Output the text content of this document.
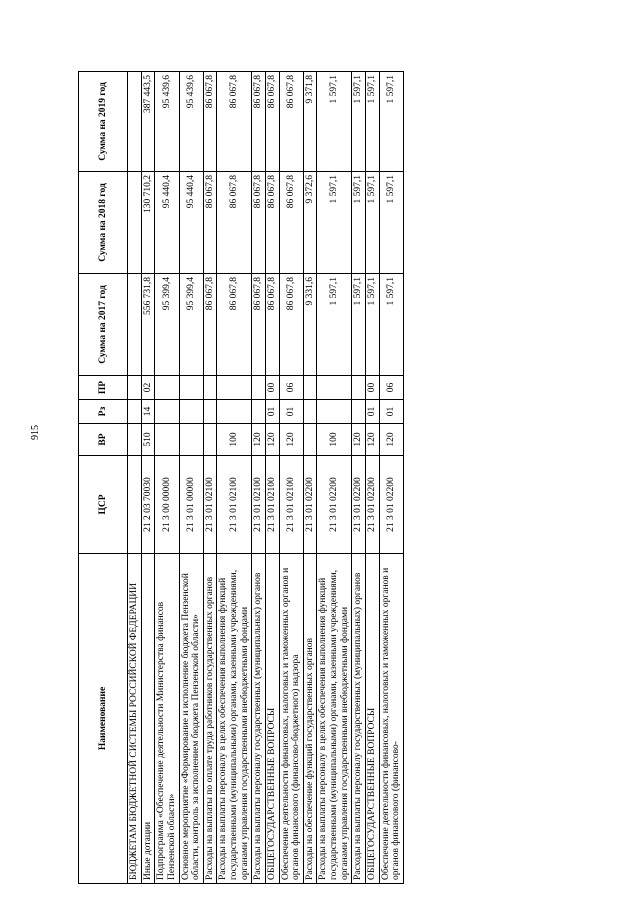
915
Наименование	ЦСР	ВР	Рз	ПР	Сумма на 2017 год	Сумма на 2018 год	Сумма на 2019 год
БЮДЖЕТАМ БЮДЖЕТНОЙ СИСТЕМЫ РОССИЙСКОЙ ФЕДЕРАЦИИ							
Иные дотации	21 2 03 70030	510	14	02	556 731,8	130 710,2	387 443,5
Подпрограмма «Обеспечение деятельности Министерства финансов Пензенской области»	21 3 00 00000				95 399,4	95 440,4	95 439,6
Основное мероприятие «Формирование и исполнение бюджета Пензенской области, контроль за исполнением бюджета Пензенской области»	21 3 01 00000				95 399,4	95 440,4	95 439,6
Расходы на выплаты по оплате труда работников государственных органов	21 3 01 02100				86 067,8	86 067,8	86 067,8
Расходы на выплаты персоналу в целях обеспечения выполнения функций государственными (муниципальными) органами, казенными учреждениями, органами управления государственными внебюджетными фондами	21 3 01 02100	100			86 067,8	86 067,8	86 067,8
Расходы на выплаты персоналу государственных (муниципальных) органов	21 3 01 02100	120			86 067,8	86 067,8	86 067,8
ОБЩЕГОСУДАРСТВЕННЫЕ ВОПРОСЫ	21 3 01 02100	120	01	00	86 067,8	86 067,8	86 067,8
Обеспечение деятельности финансовых, налоговых и таможенных органов и органов финансового (финансово-бюджетного) надзора	21 3 01 02100	120	01	06	86 067,8	86 067,8	86 067,8
Расходы на обеспечение функций государственных органов	21 3 01 02200				9 331,6	9 372,6	9 371,8
Расходы на выплаты персоналу в целях обеспечения выполнения функций государственными (муниципальными) органами, казенными учреждениями, органами управления государственными внебюджетными фондами	21 3 01 02200	100			1 597,1	1 597,1	1 597,1
Расходы на выплаты персоналу государственных (муниципальных) органов	21 3 01 02200	120			1 597,1	1 597,1	1 597,1
ОБЩЕГОСУДАРСТВЕННЫЕ ВОПРОСЫ	21 3 01 02200	120	01	00	1 597,1	1 597,1	1 597,1
Обеспечение деятельности финансовых, налоговых и таможенных органов и органов финансового (финансово-	21 3 01 02200	120	01	06	1 597,1	1 597,1	1 597,1
